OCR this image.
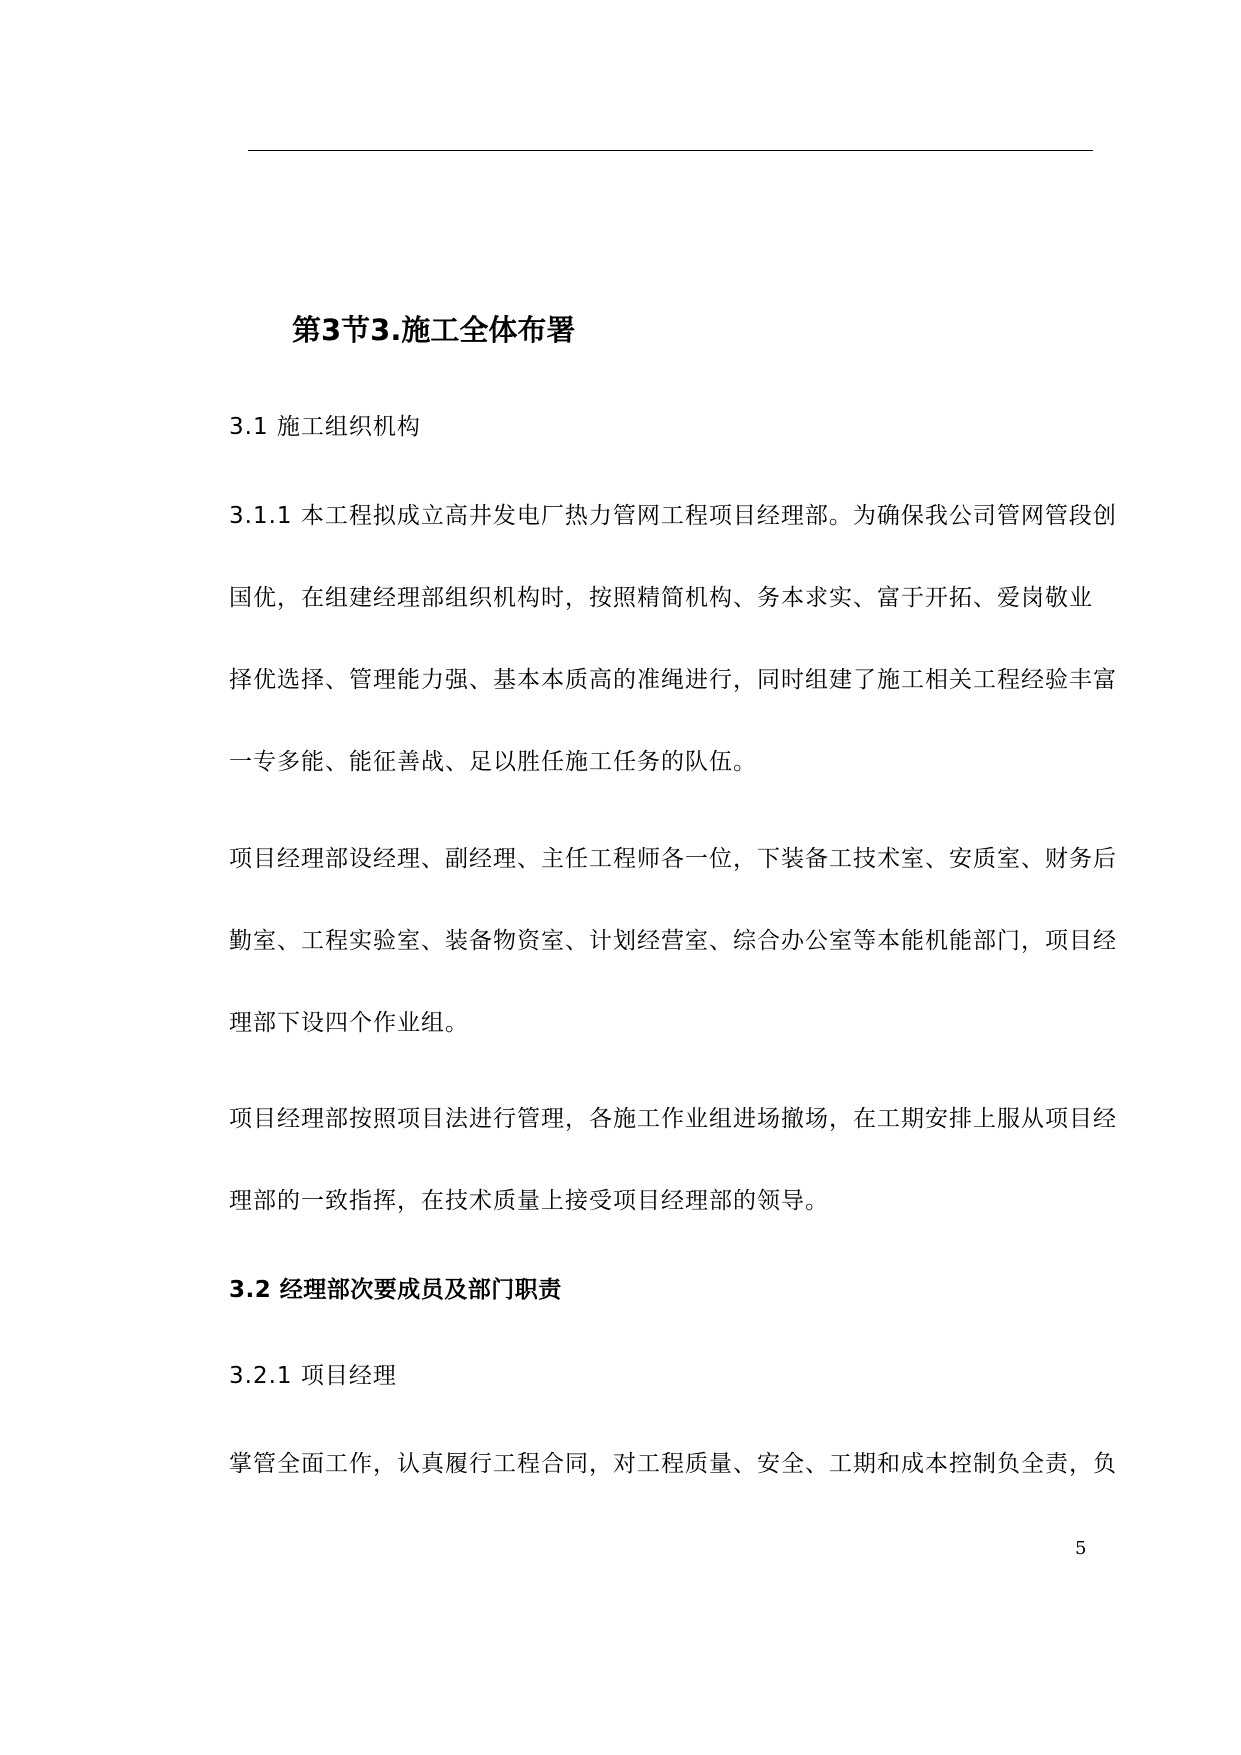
第3节3.施工全体布署
3.1 施工组织机构
3.1.1 本工程拟成立高井发电厂热力管网工程项目经理部。为确保我公司管网管段创
国优，在组建经理部组织机构时，按照精简机构、务本求实、富于开拓、爱岗敬业
择优选择、管理能力强、基本本质高的准绳进行，同时组建了施工相关工程经验丰富
一专多能、能征善战、足以胜任施工任务的队伍。
项目经理部设经理、副经理、主任工程师各一位，下装备工技术室、安质室、财务后
勤室、工程实验室、装备物资室、计划经营室、综合办公室等本能机能部门，项目经
理部下设四个作业组。
项目经理部按照项目法进行管理，各施工作业组进场撤场，在工期安排上服从项目经
理部的一致指挥，在技术质量上接受项目经理部的领导。
3.2 经理部次要成员及部门职责
3.2.1 项目经理
掌管全面工作，认真履行工程合同，对工程质量、安全、工期和成本控制负全责，负
5
